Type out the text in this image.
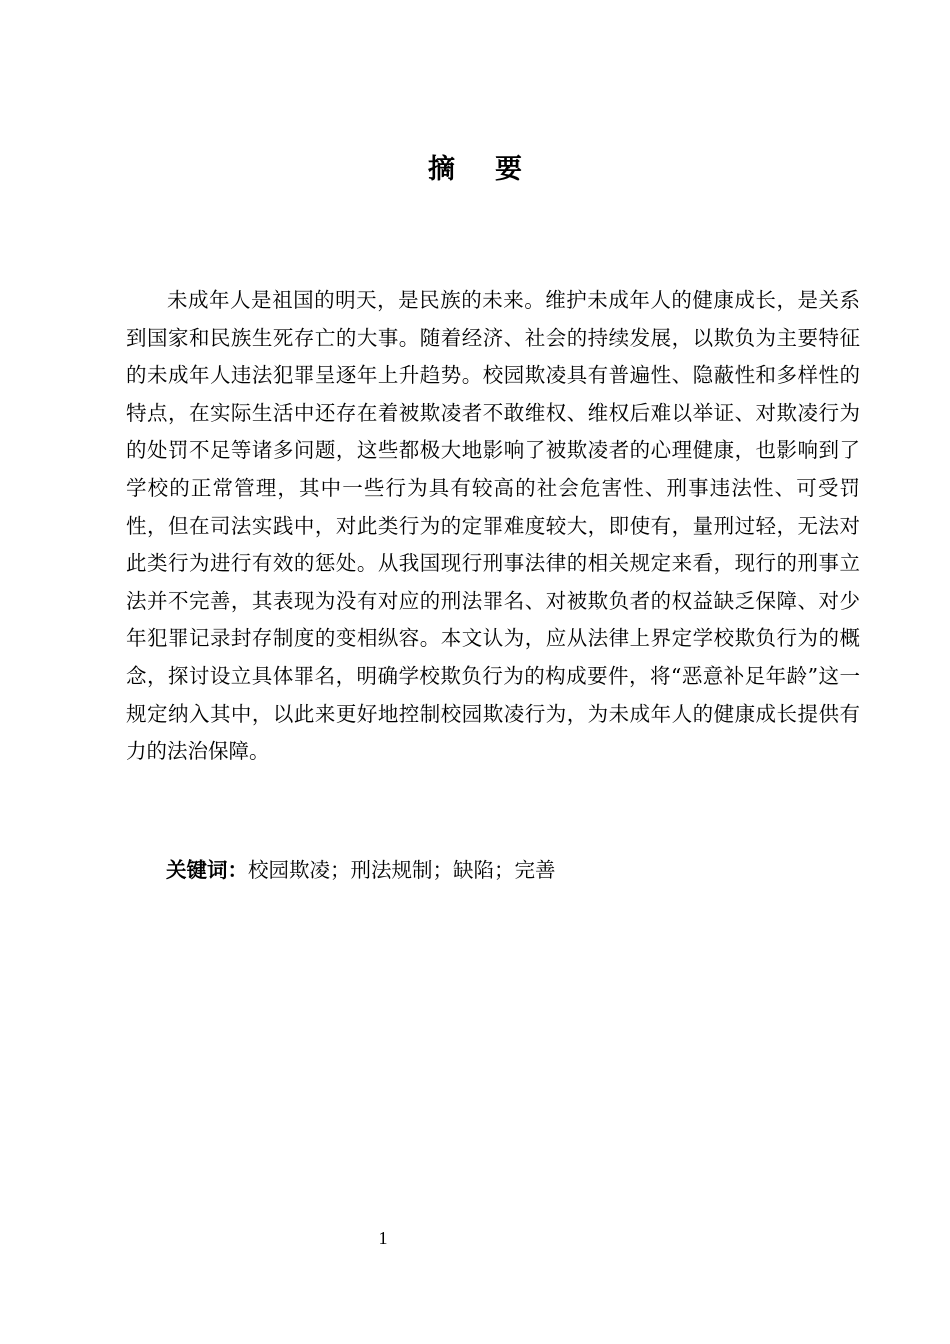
摘要

未成年人是祖国的明天，是民族的未来。维护未成年人的健康成长，是关系到国家和民族生死存亡的大事。随着经济、社会的持续发展，以欺负为主要特征的未成年人违法犯罪呈逐年上升趋势。校园欺凌具有普遍性、隐蔽性和多样性的特点，在实际生活中还存在着被欺凌者不敢维权、维权后难以举证、对欺凌行为的处罚不足等诸多问题，这些都极大地影响了被欺凌者的心理健康，也影响到了学校的正常管理，其中一些行为具有较高的社会危害性、刑事违法性、可受罚性，但在司法实践中，对此类行为的定罪难度较大，即使有，量刑过轻，无法对此类行为进行有效的惩处。从我国现行刑事法律的相关规定来看，现行的刑事立法并不完善，其表现为没有对应的刑法罪名、对被欺负者的权益缺乏保障、对少年犯罪记录封存制度的变相纵容。本文认为，应从法律上界定学校欺负行为的概念，探讨设立具体罪名，明确学校欺负行为的构成要件，将“恶意补足年龄”这一规定纳入其中，以此来更好地控制校园欺凌行为，为未成年人的健康成长提供有力的法治保障。

关键词：校园欺凌；刑法规制；缺陷；完善
1
